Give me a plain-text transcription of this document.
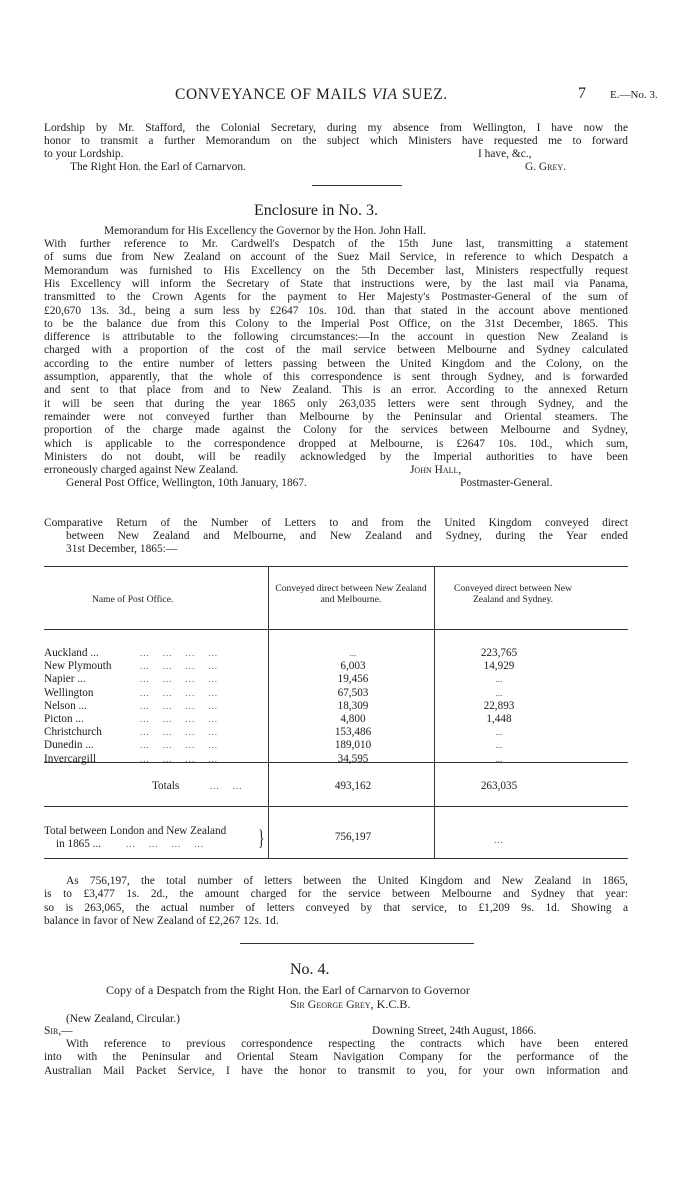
CONVEYANCE OF MAILS VIA SUEZ.	7 E.—No. 3.
Lordship by Mr. Stafford, the Colonial Secretary, during my absence from Wellington, I have now the
honor to transmit a further Memorandum on the subject which Ministers have requested me to forward
to your Lordship.	I have, &c.,
The Right Hon. the Earl of Carnarvon.	G. Grey.
Enclosure in No. 3.
Memorandum for His Excellency the Governor by the Hon. John Hall.
With further reference to Mr. Cardwell's Despatch of the 15th June last, transmitting a statement
of sums due from New Zealand on account of the Suez Mail Service, in reference to which Despatch a
Memorandum was furnished to His Excellency on the 5th December last, Ministers respectfully request
His Excellency will inform the Secretary of State that instructions were, by the last mail via Panama,
transmitted to the Crown Agents for the payment to Her Majesty's Postmaster-General of the sum of
£20,670 13s. 3d., being a sum less by £2647 10s. 10d. than that stated in the account above mentioned
to be the balance due from this Colony to the Imperial Post Office, on the 31st December, 1865. This
difference is attributable to the following circumstances:—In the account in question New Zealand is
charged with a proportion of the cost of the mail service between Melbourne and Sydney calculated
according to the entire number of letters passing between the United Kingdom and the Colony, on the
assumption, apparently, that the whole of this correspondence is sent through Sydney, and is forwarded
and sent to that place from and to New Zealand. This is an error. According to the annexed Return
it will be seen that during the year 1865 only 263,035 letters were sent through Sydney, and the
remainder were not conveyed further than Melbourne by the Peninsular and Oriental steamers. The
proportion of the charge made against the Colony for the services between Melbourne and Sydney,
which is applicable to the correspondence dropped at Melbourne, is £2647 10s. 10d., which sum,
Ministers do not doubt, will be readily acknowledged by the Imperial authorities to have been
erroneously charged against New Zealand.	John Hall,
General Post Office, Wellington, 10th January, 1867.	Postmaster-General.
Comparative Return of the Number of Letters to and from the United Kingdom conveyed direct
between New Zealand and Melbourne, and New Zealand and Sydney, during the Year ended
31st December, 1865:—
Name of Post Office.
Conveyed direct between New Zealand and Melbourne.
Conveyed direct between New Zealand and Sydney.
Auckland ...	...	223,765
...    ...    ...    ...
New Plymouth	6,003	14,929
...    ...    ...    ...
Napier ...	19,456	...
...    ...    ...    ...
Wellington	67,503	...
...    ...    ...    ...
Nelson ...	18,309	22,893
...    ...    ...    ...
Picton ...	4,800	1,448
...    ...    ...    ...
Christchurch	153,486	...
...    ...    ...    ...
Dunedin ...	189,010	...
...    ...    ...    ...
Invercargill	34,595	...
...    ...    ...    ...
Totals	...    ...	493,162	263,035
Total between London and New Zealand
in 1865 ...	...    ...    ...    ... }	756,197	...
As 756,197, the total number of letters between the United Kingdom and New Zealand in 1865,
is to £3,477 1s. 2d., the amount charged for the service between Melbourne and Sydney that year:
so is 263,065, the actual number of letters conveyed by that service, to £1,209 9s. 1d. Showing a
balance in favor of New Zealand of £2,267 12s. 1d.
No. 4.
Copy of a Despatch from the Right Hon. the Earl of Carnarvon to Governor
Sir George Grey, K.C.B.
(New Zealand, Circular.)
Sir,—	Downing Street, 24th August, 1866.
With reference to previous correspondence respecting the contracts which have been entered
into with the Peninsular and Oriental Steam Navigation Company for the performance of the
Australian Mail Packet Service, I have the honor to transmit to you, for your own information and
